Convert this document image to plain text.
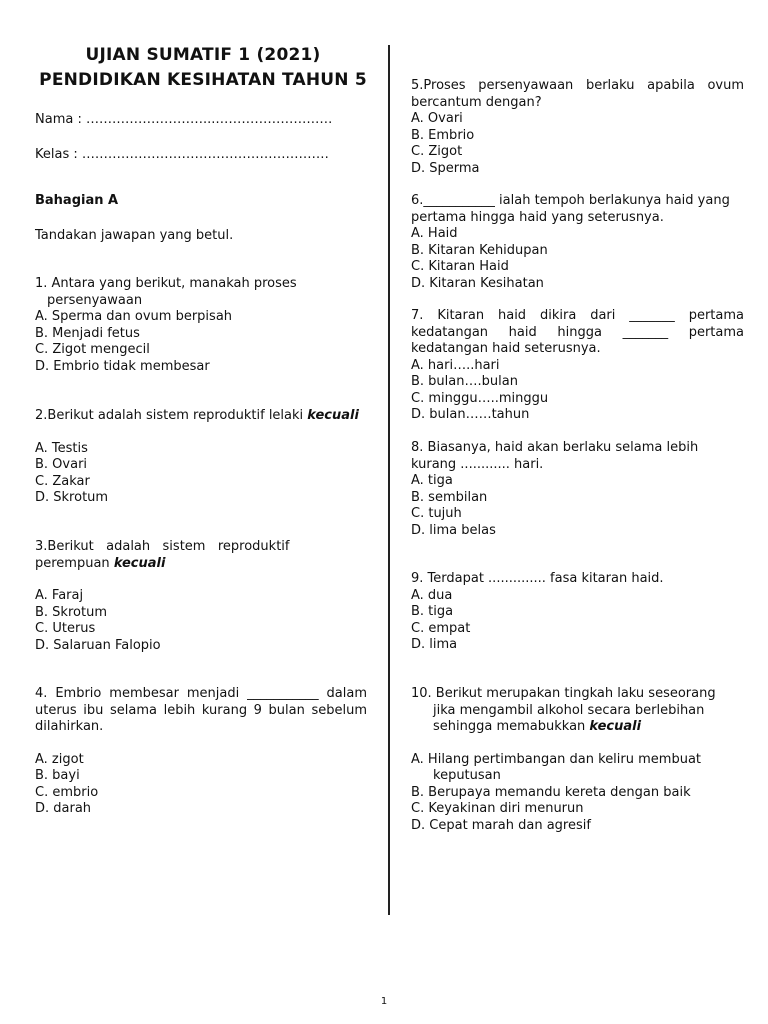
UJIAN SUMATIF 1 (2021)
PENDIDIKAN KESIHATAN TAHUN 5
Nama : ………………………...………………………
Kelas : …………………………………………………
Bahagian A
Tandakan jawapan yang betul.

1. Antara yang berikut, manakah proses

persenyawaan

A. Sperma dan ovum berpisah

B. Menjadi fetus

C. Zigot mengecil

D. Embrio tidak membesar

2.Berikut adalah sistem reproduktif lelaki kecuali

A. Testis

B. Ovari

C. Zakar

D. Skrotum

3.Berikut   adalah   sistem   reproduktif

perempuan kecuali

A. Faraj

B. Skrotum

C. Uterus

D. Salaruan Falopio

4. Embrio membesar menjadi ___________ dalam uterus ibu selama lebih kurang 9 bulan sebelum dilahirkan.

A. zigot

B. bayi

C. embrio

D. darah

5.Proses persenyawaan berlaku apabila ovum bercantum dengan?

A. Ovari

B. Embrio

C. Zigot

D. Sperma

6.___________ ialah tempoh berlakunya haid yang pertama hingga haid yang seterusnya.

A. Haid

B. Kitaran Kehidupan

C. Kitaran Haid

D. Kitaran Kesihatan

7. Kitaran haid dikira dari _______ pertama kedatangan haid hingga _______ pertama kedatangan haid seterusnya.

A. hari…..hari

B. bulan….bulan

C. minggu…..minggu

D. bulan……tahun

8. Biasanya, haid akan berlaku selama lebih

kurang ............ hari.

A. tiga

B. sembilan

C. tujuh

D. lima belas

9. Terdapat .............. fasa kitaran haid.

A. dua

B. tiga

C. empat

D. lima

10. Berikut merupakan tingkah laku seseorang

jika mengambil alkohol secara berlebihan

sehingga memabukkan kecuali

A. Hilang pertimbangan dan keliru membuat

keputusan

B. Berupaya memandu kereta dengan baik

C. Keyakinan diri menurun

D. Cepat marah dan agresif

1
